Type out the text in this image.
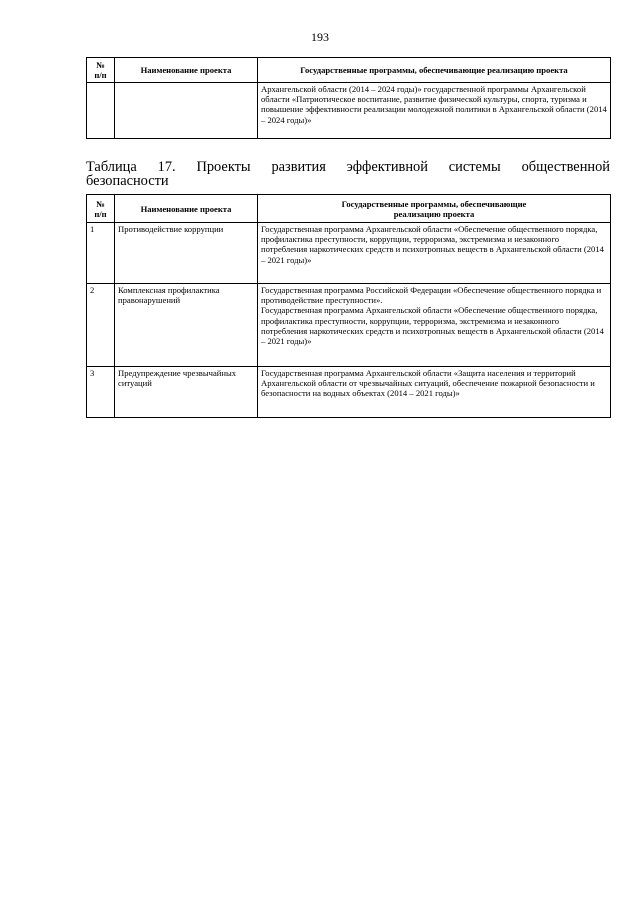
193
№
п/п	Наименование проекта	Государственные программы, обеспечивающие реализацию проекта
		Архангельской области (2014 – 2024 годы)» государственной программы Архангельской области «Патриотическое воспитание, развитие физической культуры, спорта, туризма и повышение эффективности реализации молодежной политики в Архангельской области (2014 – 2024 годы)»
Таблица 17. Проекты развития эффективной системы общественной
безопасности
№
п/п	Наименование проекта	Государственные программы, обеспечивающие
реализацию проекта
1	Противодействие коррупции	Государственная программа Архангельской области «Обеспечение общественного порядка, профилактика преступности, коррупции, терроризма, экстремизма и незаконного потребления наркотических средств и психотропных веществ в Архангельской области (2014 – 2021 годы)»
2	Комплексная профилактика правонарушений	Государственная программа Российской Федерации «Обеспечение общественного порядка и противодействие преступности».
Государственная программа Архангельской области «Обеспечение общественного порядка, профилактика преступности, коррупции, терроризма, экстремизма и незаконного потребления наркотических средств и психотропных веществ в Архангельской области (2014 – 2021 годы)»
3	Предупреждение чрезвычайных ситуаций	Государственная программа Архангельской области «Защита населения и территорий Архангельской области от чрезвычайных ситуаций, обеспечение пожарной безопасности и безопасности на водных объектах (2014 – 2021 годы)»
